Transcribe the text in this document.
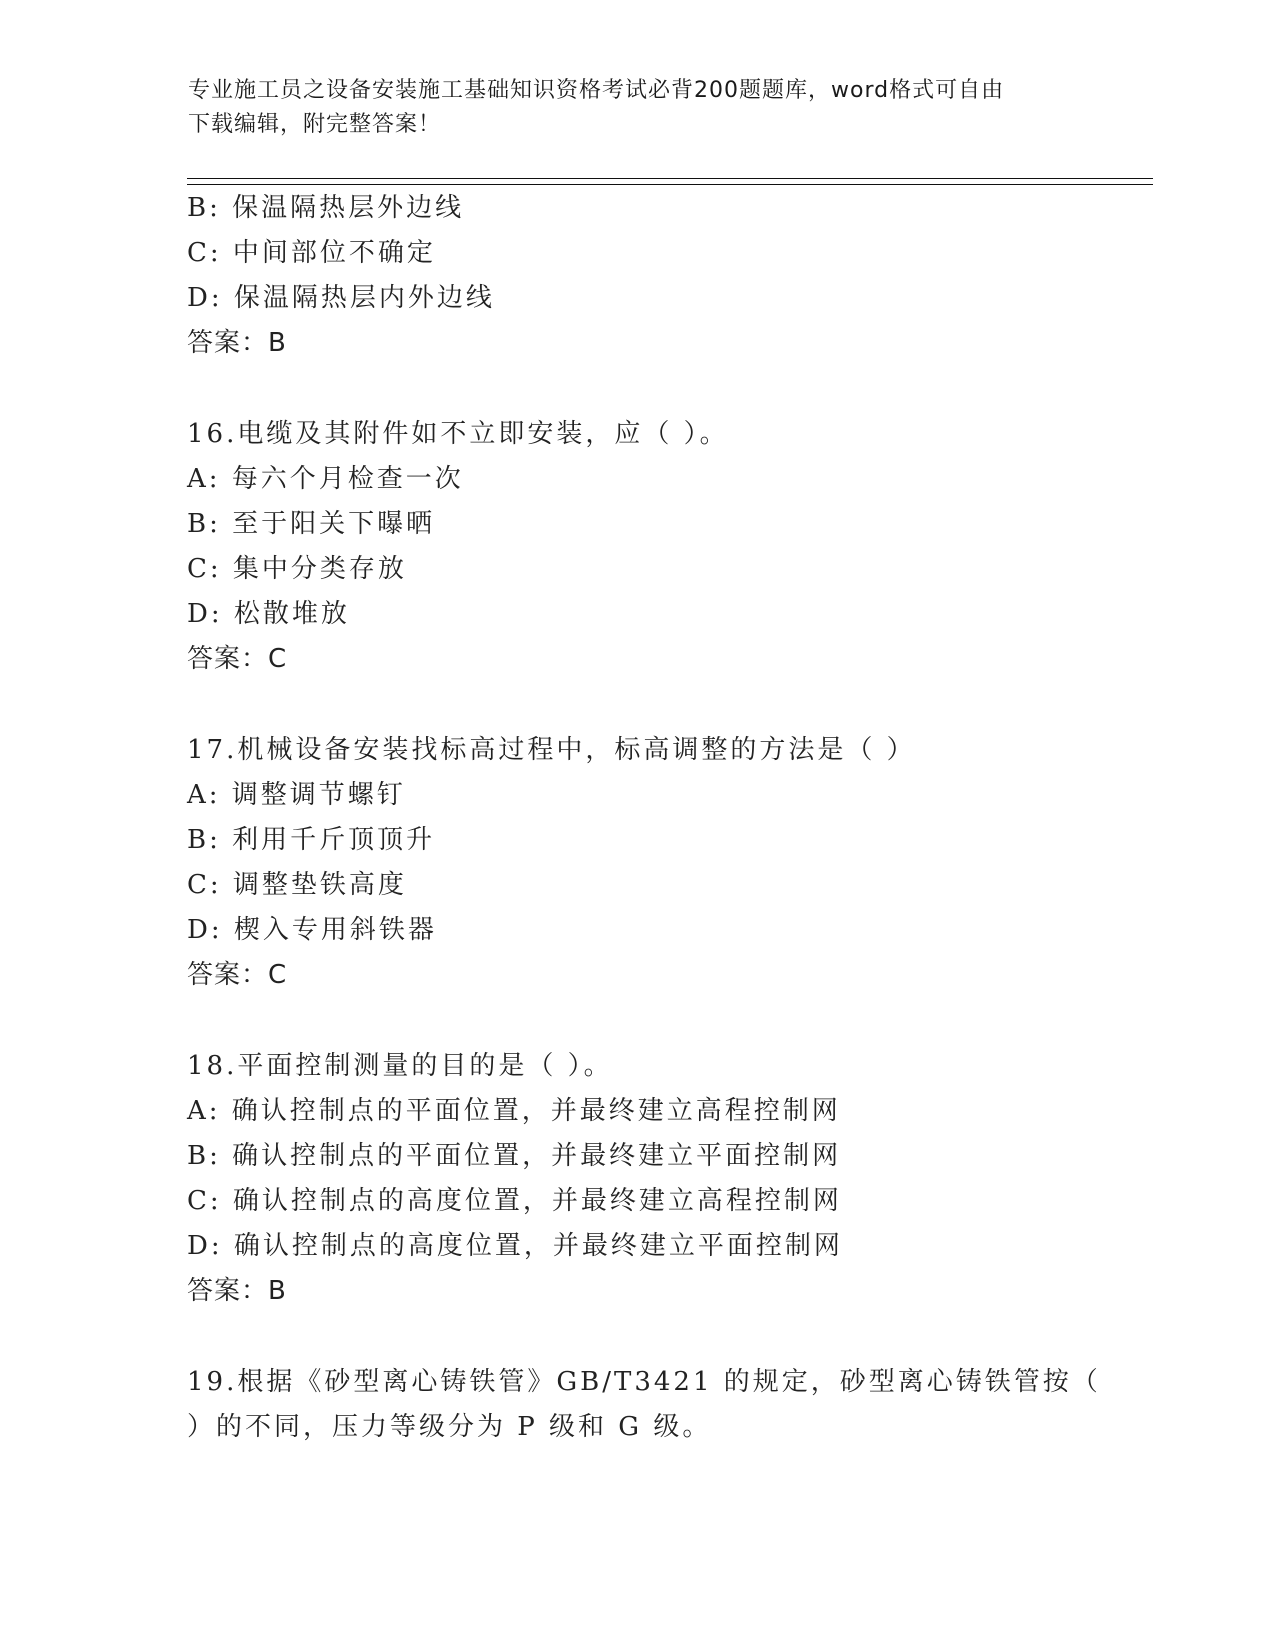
专业施工员之设备安装施工基础知识资格考试必背200题题库，word格式可自由
下载编辑，附完整答案！
B: 保温隔热层外边线
C: 中间部位不确定
D: 保温隔热层内外边线
答案：B
16.电缆及其附件如不立即安装，应（ ）。
A: 每六个月检查一次
B: 至于阳关下曝晒
C: 集中分类存放
D: 松散堆放
答案：C
17.机械设备安装找标高过程中，标高调整的方法是（ ）
A: 调整调节螺钉
B: 利用千斤顶顶升
C: 调整垫铁高度
D: 楔入专用斜铁器
答案：C
18.平面控制测量的目的是（ ）。
A: 确认控制点的平面位置，并最终建立高程控制网
B: 确认控制点的平面位置，并最终建立平面控制网
C: 确认控制点的高度位置，并最终建立高程控制网
D: 确认控制点的高度位置，并最终建立平面控制网
答案：B
19.根据《砂型离心铸铁管》GB/T3421 的规定，砂型离心铸铁管按（
）的不同，压力等级分为 P 级和 G 级。
